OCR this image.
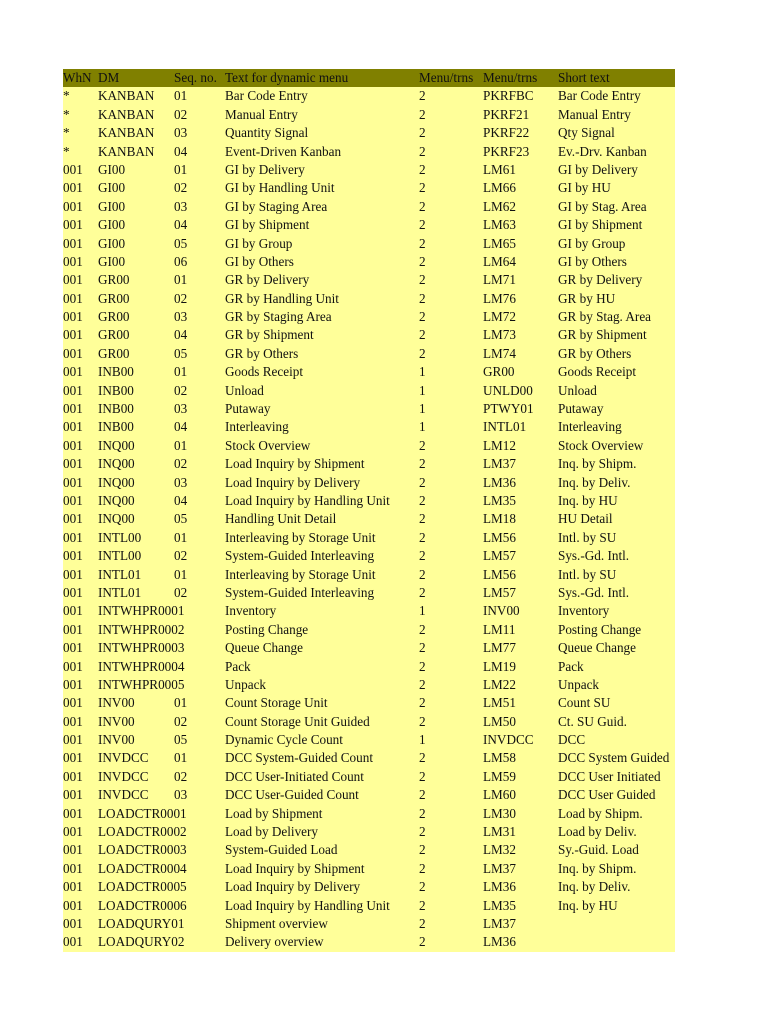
WhN DM	Seq. no. Text for dynamic menu	Menu/trns Menu/trns Short text
* KANBAN 01	Bar Code Entry	2	PKRFBC Bar Code Entry
* KANBAN 02	Manual Entry	2	PKRF21 Manual Entry
* KANBAN 03	Quantity Signal	2	PKRF22 Qty Signal
* KANBAN 04	Event-Driven Kanban	2	PKRF23 Ev.-Drv. Kanban
001 GI00	01	GI by Delivery	2	LM61	GI by Delivery
001 GI00	02	GI by Handling Unit	2	LM66	GI by HU
001 GI00	03	GI by Staging Area	2	LM62	GI by Stag. Area
001 GI00	04	GI by Shipment	2	LM63	GI by Shipment
001 GI00	05	GI by Group	2	LM65	GI by Group
001 GI00	06	GI by Others	2	LM64	GI by Others
001 GR00	01	GR by Delivery	2	LM71	GR by Delivery
001 GR00	02	GR by Handling Unit	2	LM76	GR by HU
001 GR00	03	GR by Staging Area	2	LM72	GR by Stag. Area
001 GR00	04	GR by Shipment	2	LM73	GR by Shipment
001 GR00	05	GR by Others	2	LM74	GR by Others
001 INB00	01	Goods Receipt	1	GR00	Goods Receipt
001 INB00	02	Unload	1	UNLD00 Unload
001 INB00	03	Putaway	1	PTWY01 Putaway
001 INB00	04	Interleaving	1	INTL01 Interleaving
001 INQ00	01	Stock Overview	2	LM12	Stock Overview
001 INQ00	02	Load Inquiry by Shipment	2	LM37	Inq. by Shipm.
001 INQ00	03	Load Inquiry by Delivery	2	LM36	Inq. by Deliv.
001 INQ00	04	Load Inquiry by Handling Unit 2	LM35	Inq. by HU
001 INQ00	05	Handling Unit Detail	2	LM18	HU Detail
001 INTL00 01	Interleaving by Storage Unit	2	LM56	Intl. by SU
001 INTL00 02	System-Guided Interleaving	2	LM57	Sys.-Gd. Intl.
001 INTL01 01	Interleaving by Storage Unit	2	LM56	Intl. by SU
001 INTL01 02	System-Guided Interleaving	2	LM57	Sys.-Gd. Intl.
001 INTWHPR0001	Inventory	1	INV00	Inventory
001 INTWHPR0002	Posting Change	2	LM11	Posting Change
001 INTWHPR0003	Queue Change	2	LM77	Queue Change
001 INTWHPR0004	Pack	2	LM19	Pack
001 INTWHPR0005	Unpack	2	LM22	Unpack
001 INV00	01	Count Storage Unit	2	LM51	Count SU
001 INV00	02	Count Storage Unit Guided	2	LM50	Ct. SU Guid.
001 INV00	05	Dynamic Cycle Count	1	INVDCC DCC
001 INVDCC 01	DCC System-Guided Count	2	LM58	DCC System Guided
001 INVDCC 02	DCC User-Initiated Count	2	LM59	DCC User Initiated
001 INVDCC 03	DCC User-Guided Count	2	LM60	DCC User Guided
001 LOADCTR0001	Load by Shipment	2	LM30	Load by Shipm.
001 LOADCTR0002	Load by Delivery	2	LM31	Load by Deliv.
001 LOADCTR0003	System-Guided Load	2	LM32	Sy.-Guid. Load
001 LOADCTR0004	Load Inquiry by Shipment	2	LM37	Inq. by Shipm.
001 LOADCTR0005	Load Inquiry by Delivery	2	LM36	Inq. by Deliv.
001 LOADCTR0006	Load Inquiry by Handling Unit 2	LM35	Inq. by HU
001 LOADQURY01	Shipment overview	2	LM37
001 LOADQURY02	Delivery overview	2	LM36
